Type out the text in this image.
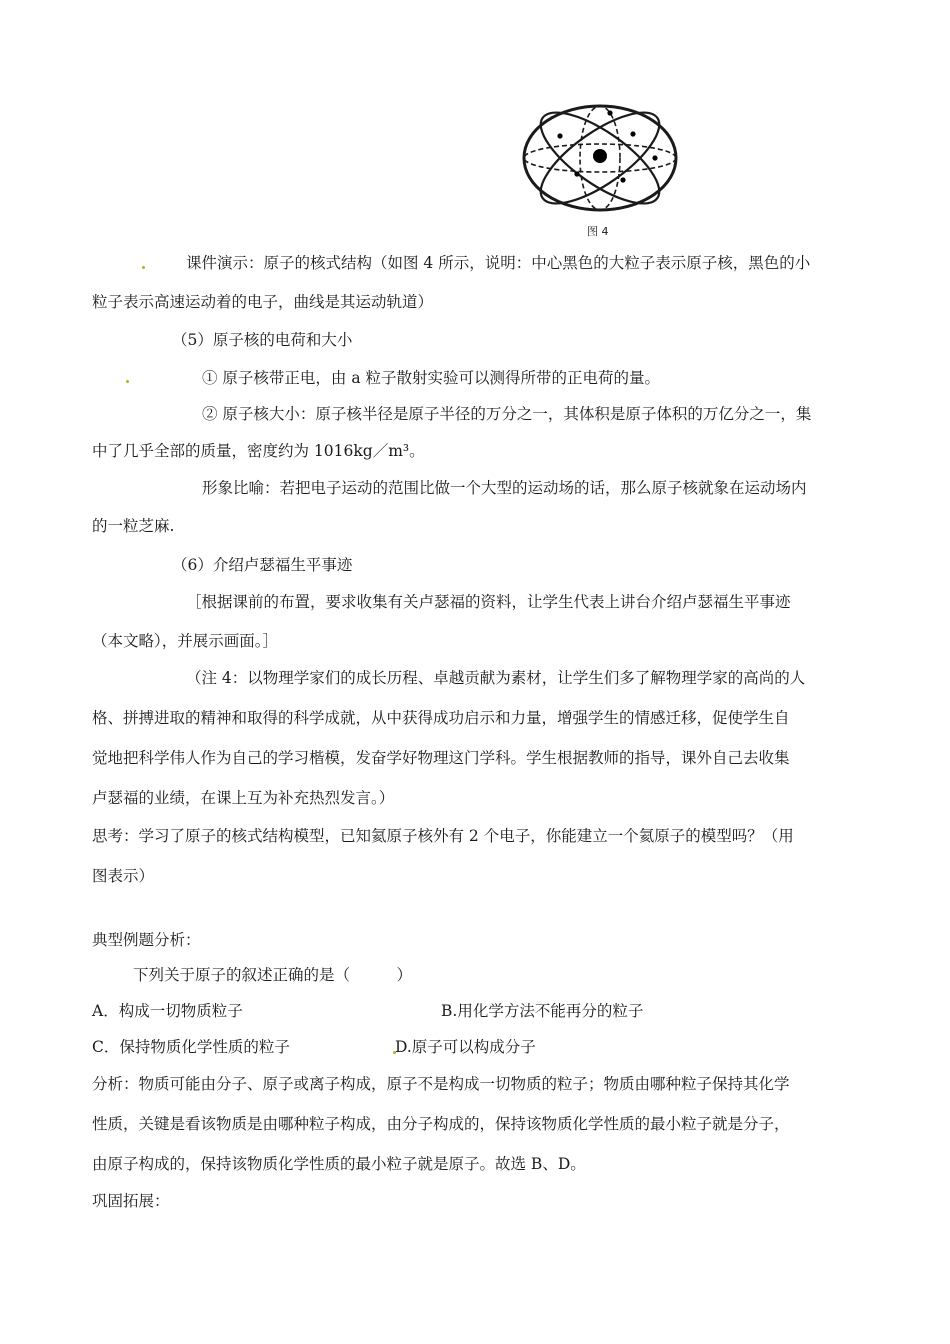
图 4
课件演示：原子的核式结构（如图 4 所示，说明：中心黑色的大粒子表示原子核，黑色的小
粒子表示高速运动着的电子，曲线是其运动轨道）
（5）原子核的电荷和大小
① 原子核带正电，由 a 粒子散射实验可以测得所带的正电荷的量。
② 原子核大小：原子核半径是原子半径的万分之一，其体积是原子体积的万亿分之一，集
中了几乎全部的质量，密度约为 1016kg／m³。
形象比喻：若把电子运动的范围比做一个大型的运动场的话，那么原子核就象在运动场内
的一粒芝麻.
（6）介绍卢瑟福生平事迹
［根据课前的布置，要求收集有关卢瑟福的资料，让学生代表上讲台介绍卢瑟福生平事迹
（本文略），并展示画面。］
（注 4：以物理学家们的成长历程、卓越贡献为素材，让学生们多了解物理学家的高尚的人
格、拼搏进取的精神和取得的科学成就，从中获得成功启示和力量，增强学生的情感迁移，促使学生自
觉地把科学伟人作为自己的学习楷模，发奋学好物理这门学科。学生根据教师的指导，课外自己去收集
卢瑟福的业绩，在课上互为补充热烈发言。）
思考：学习了原子的核式结构模型，已知氦原子核外有 2 个电子，你能建立一个氦原子的模型吗？（用
图表示）
典型例题分析：
下列关于原子的叙述正确的是（　　　）
A．构成一切物质粒子	B.用化学方法不能再分的粒子
C．保持物质化学性质的粒子	D.原子可以构成分子
分析：物质可能由分子、原子或离子构成，原子不是构成一切物质的粒子；物质由哪种粒子保持其化学
性质，关键是看该物质是由哪种粒子构成，由分子构成的，保持该物质化学性质的最小粒子就是分子，
由原子构成的，保持该物质化学性质的最小粒子就是原子。故选 B、D。
巩固拓展：
